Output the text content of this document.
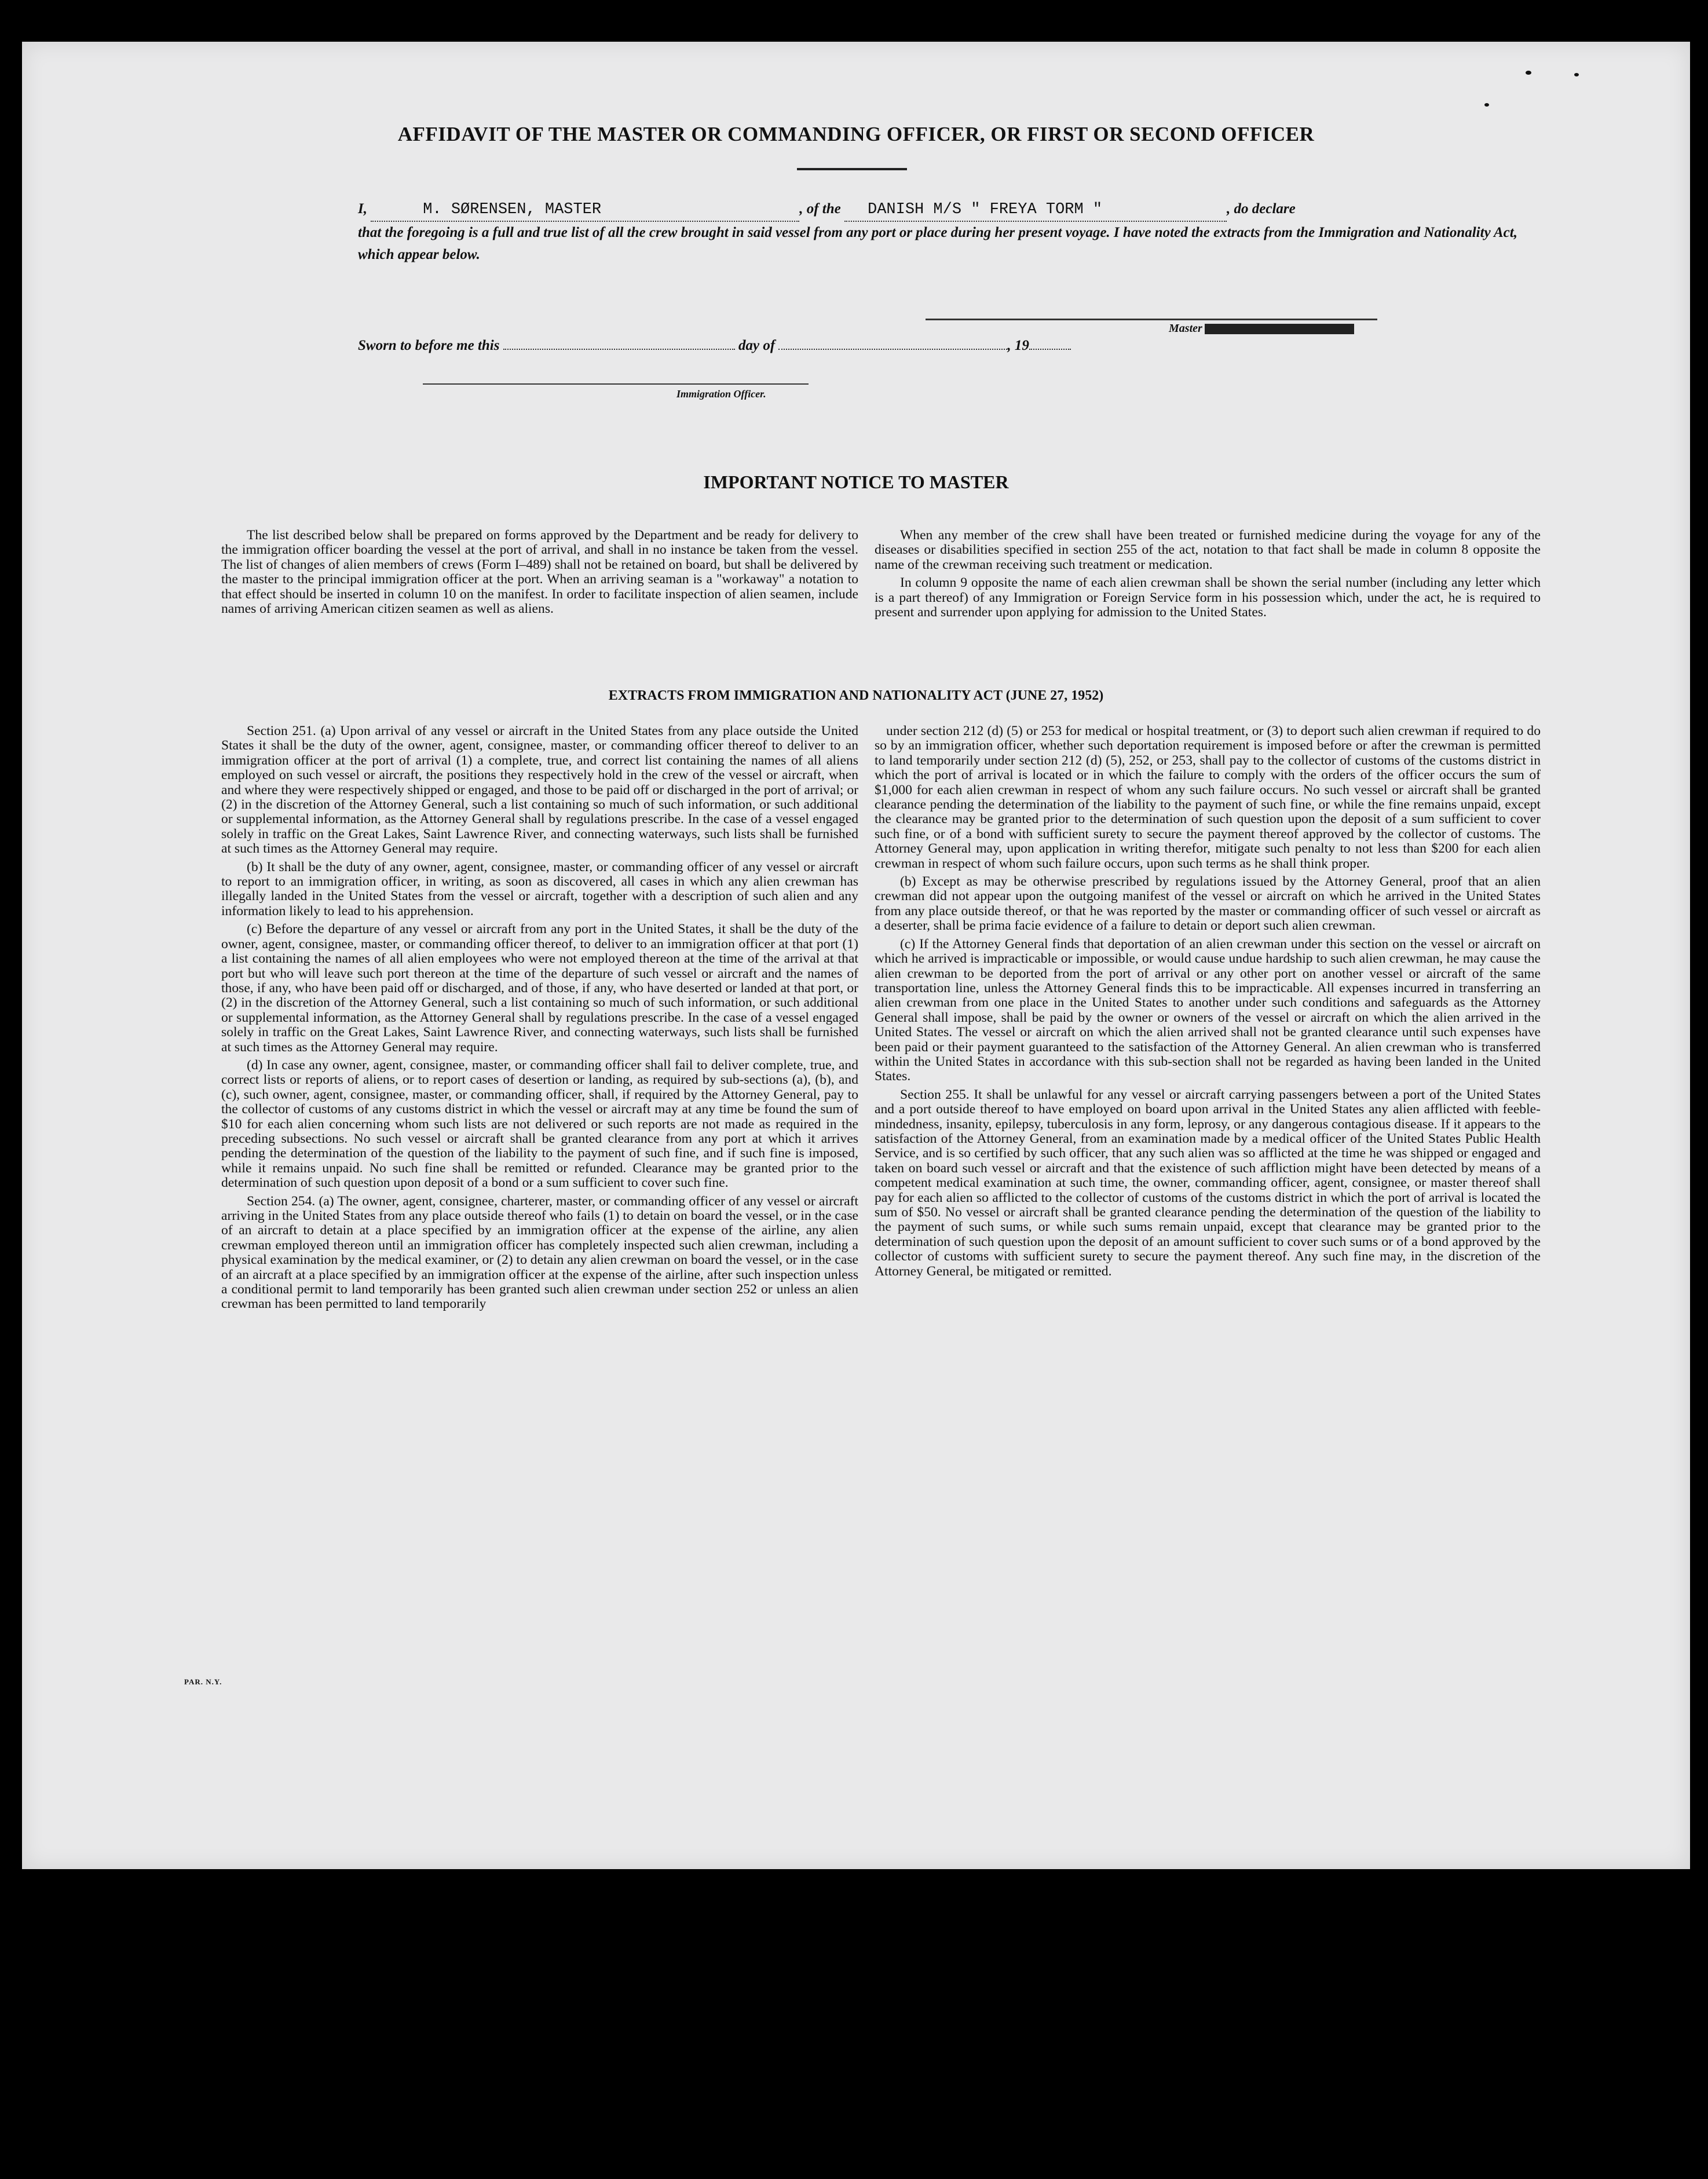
AFFIDAVIT OF THE MASTER OR COMMANDING OFFICER, OR FIRST OR SECOND OFFICER
I,	M. SØRENSEN, MASTER	, of the DANISH M/S " FREYA TORM "	, do declare
that the foregoing is a full and true list of all the crew brought in said vessel from any port or place during her present voyage. I have noted the extracts from the Immigration and Nationality Act, which appear below.
Master
Sworn to before me this	day of	, 19
Immigration Officer.
IMPORTANT NOTICE TO MASTER

The list described below shall be prepared on forms approved by the Department and be ready for delivery to the immigration officer boarding the vessel at the port of arrival, and shall in no instance be taken from the vessel. The list of changes of alien members of crews (Form I–489) shall not be retained on board, but shall be delivered by the master to the principal immigration officer at the port. When an arriving seaman is a "workaway" a notation to that effect should be inserted in column 10 on the manifest. In order to facilitate inspection of alien seamen, include names of arriving American citizen seamen as well as aliens.

When any member of the crew shall have been treated or furnished medicine during the voyage for any of the diseases or disabilities specified in section 255 of the act, notation to that fact shall be made in column 8 opposite the name of the crewman receiving such treatment or medication.

In column 9 opposite the name of each alien crewman shall be shown the serial number (including any letter which is a part thereof) of any Immigration or Foreign Service form in his possession which, under the act, he is required to present and surrender upon applying for admission to the United States.

EXTRACTS FROM IMMIGRATION AND NATIONALITY ACT (JUNE 27, 1952)

Section 251. (a) Upon arrival of any vessel or aircraft in the United States from any place outside the United States it shall be the duty of the owner, agent, consignee, master, or commanding officer thereof to deliver to an immigration officer at the port of arrival (1) a complete, true, and correct list containing the names of all aliens employed on such vessel or aircraft, the positions they respectively hold in the crew of the vessel or aircraft, when and where they were respectively shipped or engaged, and those to be paid off or discharged in the port of arrival; or (2) in the discretion of the Attorney General, such a list containing so much of such information, or such additional or supplemental information, as the Attorney General shall by regulations prescribe. In the case of a vessel engaged solely in traffic on the Great Lakes, Saint Lawrence River, and connecting waterways, such lists shall be furnished at such times as the Attorney General may require.

(b) It shall be the duty of any owner, agent, consignee, master, or commanding officer of any vessel or aircraft to report to an immigration officer, in writing, as soon as discovered, all cases in which any alien crewman has illegally landed in the United States from the vessel or aircraft, together with a description of such alien and any information likely to lead to his apprehension.

(c) Before the departure of any vessel or aircraft from any port in the United States, it shall be the duty of the owner, agent, consignee, master, or commanding officer thereof, to deliver to an immigration officer at that port (1) a list containing the names of all alien employees who were not employed thereon at the time of the arrival at that port but who will leave such port thereon at the time of the departure of such vessel or aircraft and the names of those, if any, who have been paid off or discharged, and of those, if any, who have deserted or landed at that port, or (2) in the discretion of the Attorney General, such a list containing so much of such information, or such additional or supplemental information, as the Attorney General shall by regulations prescribe. In the case of a vessel engaged solely in traffic on the Great Lakes, Saint Lawrence River, and connecting waterways, such lists shall be furnished at such times as the Attorney General may require.

(d) In case any owner, agent, consignee, master, or commanding officer shall fail to deliver complete, true, and correct lists or reports of aliens, or to report cases of desertion or landing, as required by sub-sections (a), (b), and (c), such owner, agent, consignee, master, or commanding officer, shall, if required by the Attorney General, pay to the collector of customs of any customs district in which the vessel or aircraft may at any time be found the sum of $10 for each alien concerning whom such lists are not delivered or such reports are not made as required in the preceding subsections. No such vessel or aircraft shall be granted clearance from any port at which it arrives pending the determination of the question of the liability to the payment of such fine, and if such fine is imposed, while it remains unpaid. No such fine shall be remitted or refunded. Clearance may be granted prior to the determination of such question upon deposit of a bond or a sum sufficient to cover such fine.

Section 254. (a) The owner, agent, consignee, charterer, master, or commanding officer of any vessel or aircraft arriving in the United States from any place outside thereof who fails (1) to detain on board the vessel, or in the case of an aircraft to detain at a place specified by an immigration officer at the expense of the airline, any alien crewman employed thereon until an immigration officer has completely inspected such alien crewman, including a physical examination by the medical examiner, or (2) to detain any alien crewman on board the vessel, or in the case of an aircraft at a place specified by an immigration officer at the expense of the airline, after such inspection unless a conditional permit to land temporarily has been granted such alien crewman under section 252 or unless an alien crewman has been permitted to land temporarily

under section 212 (d) (5) or 253 for medical or hospital treatment, or (3) to deport such alien crewman if required to do so by an immigration officer, whether such deportation requirement is imposed before or after the crewman is permitted to land temporarily under section 212 (d) (5), 252, or 253, shall pay to the collector of customs of the customs district in which the port of arrival is located or in which the failure to comply with the orders of the officer occurs the sum of $1,000 for each alien crewman in respect of whom any such failure occurs. No such vessel or aircraft shall be granted clearance pending the determination of the liability to the payment of such fine, or while the fine remains unpaid, except the clearance may be granted prior to the determination of such question upon the deposit of a sum sufficient to cover such fine, or of a bond with sufficient surety to secure the payment thereof approved by the collector of customs. The Attorney General may, upon application in writing therefor, mitigate such penalty to not less than $200 for each alien crewman in respect of whom such failure occurs, upon such terms as he shall think proper.

(b) Except as may be otherwise prescribed by regulations issued by the Attorney General, proof that an alien crewman did not appear upon the outgoing manifest of the vessel or aircraft on which he arrived in the United States from any place outside thereof, or that he was reported by the master or commanding officer of such vessel or aircraft as a deserter, shall be prima facie evidence of a failure to detain or deport such alien crewman.

(c) If the Attorney General finds that deportation of an alien crewman under this section on the vessel or aircraft on which he arrived is impracticable or impossible, or would cause undue hardship to such alien crewman, he may cause the alien crewman to be deported from the port of arrival or any other port on another vessel or aircraft of the same transportation line, unless the Attorney General finds this to be impracticable. All expenses incurred in transferring an alien crewman from one place in the United States to another under such conditions and safeguards as the Attorney General shall impose, shall be paid by the owner or owners of the vessel or aircraft on which the alien arrived in the United States. The vessel or aircraft on which the alien arrived shall not be granted clearance until such expenses have been paid or their payment guaranteed to the satisfaction of the Attorney General. An alien crewman who is transferred within the United States in accordance with this sub-section shall not be regarded as having been landed in the United States.

Section 255. It shall be unlawful for any vessel or aircraft carrying passengers between a port of the United States and a port outside thereof to have employed on board upon arrival in the United States any alien afflicted with feeble-mindedness, insanity, epilepsy, tuberculosis in any form, leprosy, or any dangerous contagious disease. If it appears to the satisfaction of the Attorney General, from an examination made by a medical officer of the United States Public Health Service, and is so certified by such officer, that any such alien was so afflicted at the time he was shipped or engaged and taken on board such vessel or aircraft and that the existence of such affliction might have been detected by means of a competent medical examination at such time, the owner, commanding officer, agent, consignee, or master thereof shall pay for each alien so afflicted to the collector of customs of the customs district in which the port of arrival is located the sum of $50. No vessel or aircraft shall be granted clearance pending the determination of the question of the liability to the payment of such sums, or while such sums remain unpaid, except that clearance may be granted prior to the determination of such question upon the deposit of an amount sufficient to cover such sums or of a bond approved by the collector of customs with sufficient surety to secure the payment thereof. Any such fine may, in the discretion of the Attorney General, be mitigated or remitted.

PAR. N.Y.
